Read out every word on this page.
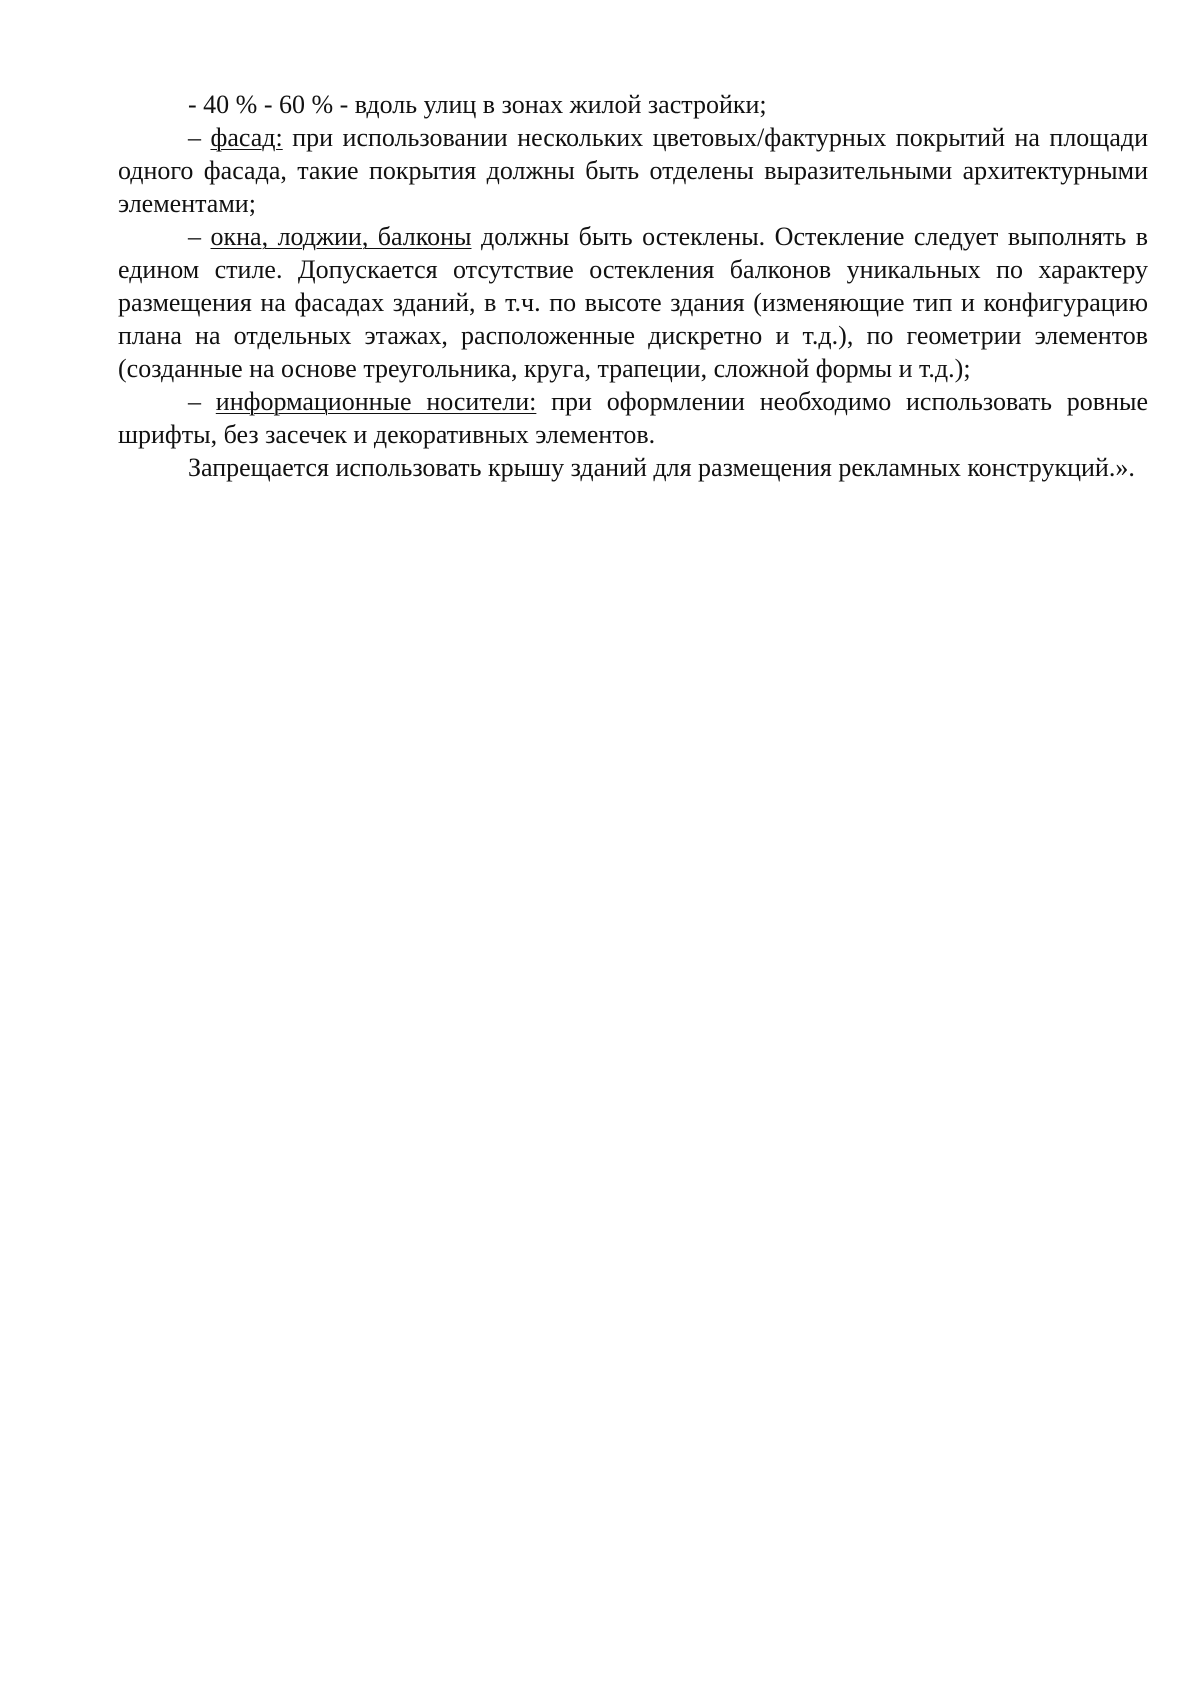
- 40 % - 60 % - вдоль улиц в зонах жилой застройки;

– фасад: при использовании нескольких цветовых/фактурных покрытий на площади одного фасада, такие покрытия должны быть отделены выразительными архитектурными элементами;

– окна, лоджии, балконы должны быть остеклены. Остекление следует выполнять в едином стиле. Допускается отсутствие остекления балконов уникальных по характеру размещения на фасадах зданий, в т.ч. по высоте здания (изменяющие тип и конфигурацию плана на отдельных этажах, расположенные дискретно и т.д.), по геометрии элементов (созданные на основе треугольника, круга, трапеции, сложной формы и т.д.);

– информационные носители: при оформлении необходимо использовать ровные шрифты, без засечек и декоративных элементов.

Запрещается использовать крышу зданий для размещения рекламных конструкций.».
